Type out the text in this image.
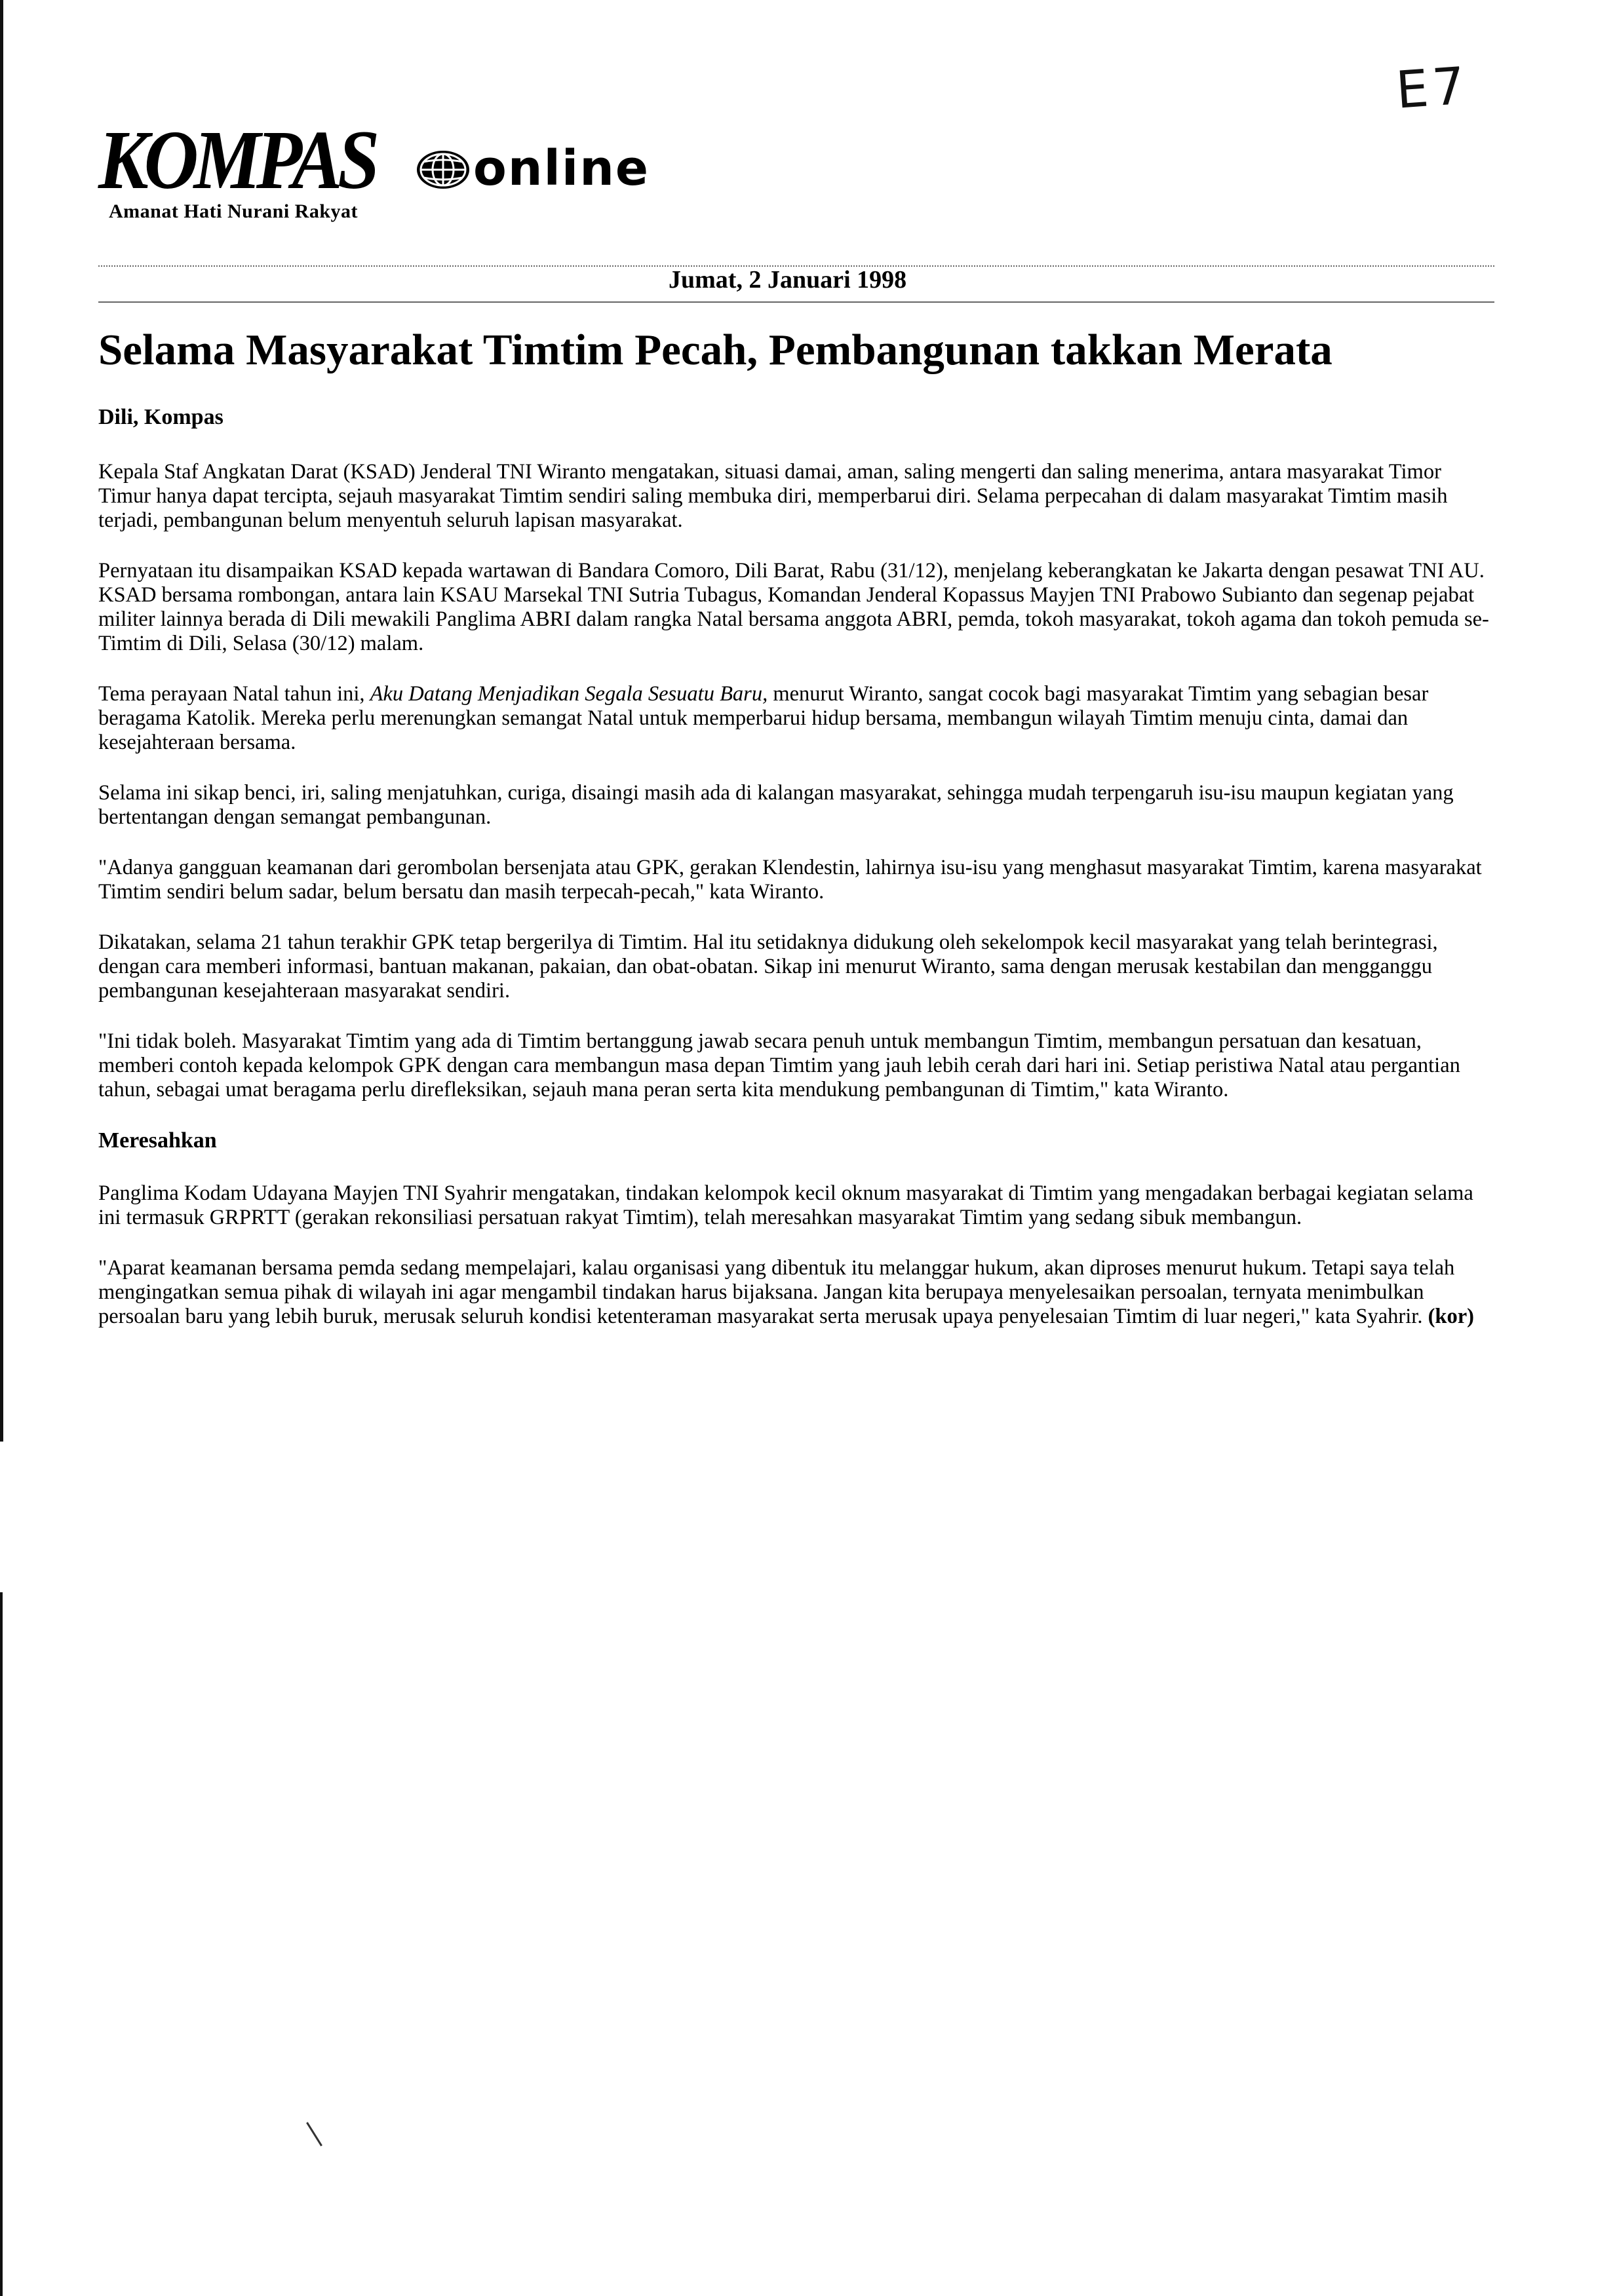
E7
KOMPAS online
Amanat Hati Nurani Rakyat
Jumat, 2 Januari 1998
Selama Masyarakat Timtim Pecah, Pembangunan takkan Merata
Dili, Kompas

Kepala Staf Angkatan Darat (KSAD) Jenderal TNI Wiranto mengatakan, situasi damai, aman, saling mengerti dan saling menerima, antara masyarakat Timor Timur hanya dapat tercipta, sejauh masyarakat Timtim sendiri saling membuka diri, memperbarui diri. Selama perpecahan di dalam masyarakat Timtim masih terjadi, pembangunan belum menyentuh seluruh lapisan masyarakat.

Pernyataan itu disampaikan KSAD kepada wartawan di Bandara Comoro, Dili Barat, Rabu (31/12), menjelang keberangkatan ke Jakarta dengan pesawat TNI AU. KSAD bersama rombongan, antara lain KSAU Marsekal TNI Sutria Tubagus, Komandan Jenderal Kopassus Mayjen TNI Prabowo Subianto dan segenap pejabat militer lainnya berada di Dili mewakili Panglima ABRI dalam rangka Natal bersama anggota ABRI, pemda, tokoh masyarakat, tokoh agama dan tokoh pemuda se-Timtim di Dili, Selasa (30/12) malam.

Tema perayaan Natal tahun ini, Aku Datang Menjadikan Segala Sesuatu Baru, menurut Wiranto, sangat cocok bagi masyarakat Timtim yang sebagian besar beragama Katolik. Mereka perlu merenungkan semangat Natal untuk memperbarui hidup bersama, membangun wilayah Timtim menuju cinta, damai dan kesejahteraan bersama.

Selama ini sikap benci, iri, saling menjatuhkan, curiga, disaingi masih ada di kalangan masyarakat, sehingga mudah terpengaruh isu-isu maupun kegiatan yang bertentangan dengan semangat pembangunan.

"Adanya gangguan keamanan dari gerombolan bersenjata atau GPK, gerakan Klendestin, lahirnya isu-isu yang menghasut masyarakat Timtim, karena masyarakat Timtim sendiri belum sadar, belum bersatu dan masih terpecah-pecah," kata Wiranto.

Dikatakan, selama 21 tahun terakhir GPK tetap bergerilya di Timtim. Hal itu setidaknya didukung oleh sekelompok kecil masyarakat yang telah berintegrasi, dengan cara memberi informasi, bantuan makanan, pakaian, dan obat-obatan. Sikap ini menurut Wiranto, sama dengan merusak kestabilan dan mengganggu pembangunan kesejahteraan masyarakat sendiri.

"Ini tidak boleh. Masyarakat Timtim yang ada di Timtim bertanggung jawab secara penuh untuk membangun Timtim, membangun persatuan dan kesatuan, memberi contoh kepada kelompok GPK dengan cara membangun masa depan Timtim yang jauh lebih cerah dari hari ini. Setiap peristiwa Natal atau pergantian tahun, sebagai umat beragama perlu direfleksikan, sejauh mana peran serta kita mendukung pembangunan di Timtim," kata Wiranto.

Meresahkan

Panglima Kodam Udayana Mayjen TNI Syahrir mengatakan, tindakan kelompok kecil oknum masyarakat di Timtim yang mengadakan berbagai kegiatan selama ini termasuk GRPRTT (gerakan rekonsiliasi persatuan rakyat Timtim), telah meresahkan masyarakat Timtim yang sedang sibuk membangun.

"Aparat keamanan bersama pemda sedang mempelajari, kalau organisasi yang dibentuk itu melanggar hukum, akan diproses menurut hukum. Tetapi saya telah mengingatkan semua pihak di wilayah ini agar mengambil tindakan harus bijaksana. Jangan kita berupaya menyelesaikan persoalan, ternyata menimbulkan persoalan baru yang lebih buruk, merusak seluruh kondisi ketenteraman masyarakat serta merusak upaya penyelesaian Timtim di luar negeri," kata Syahrir. (kor)
